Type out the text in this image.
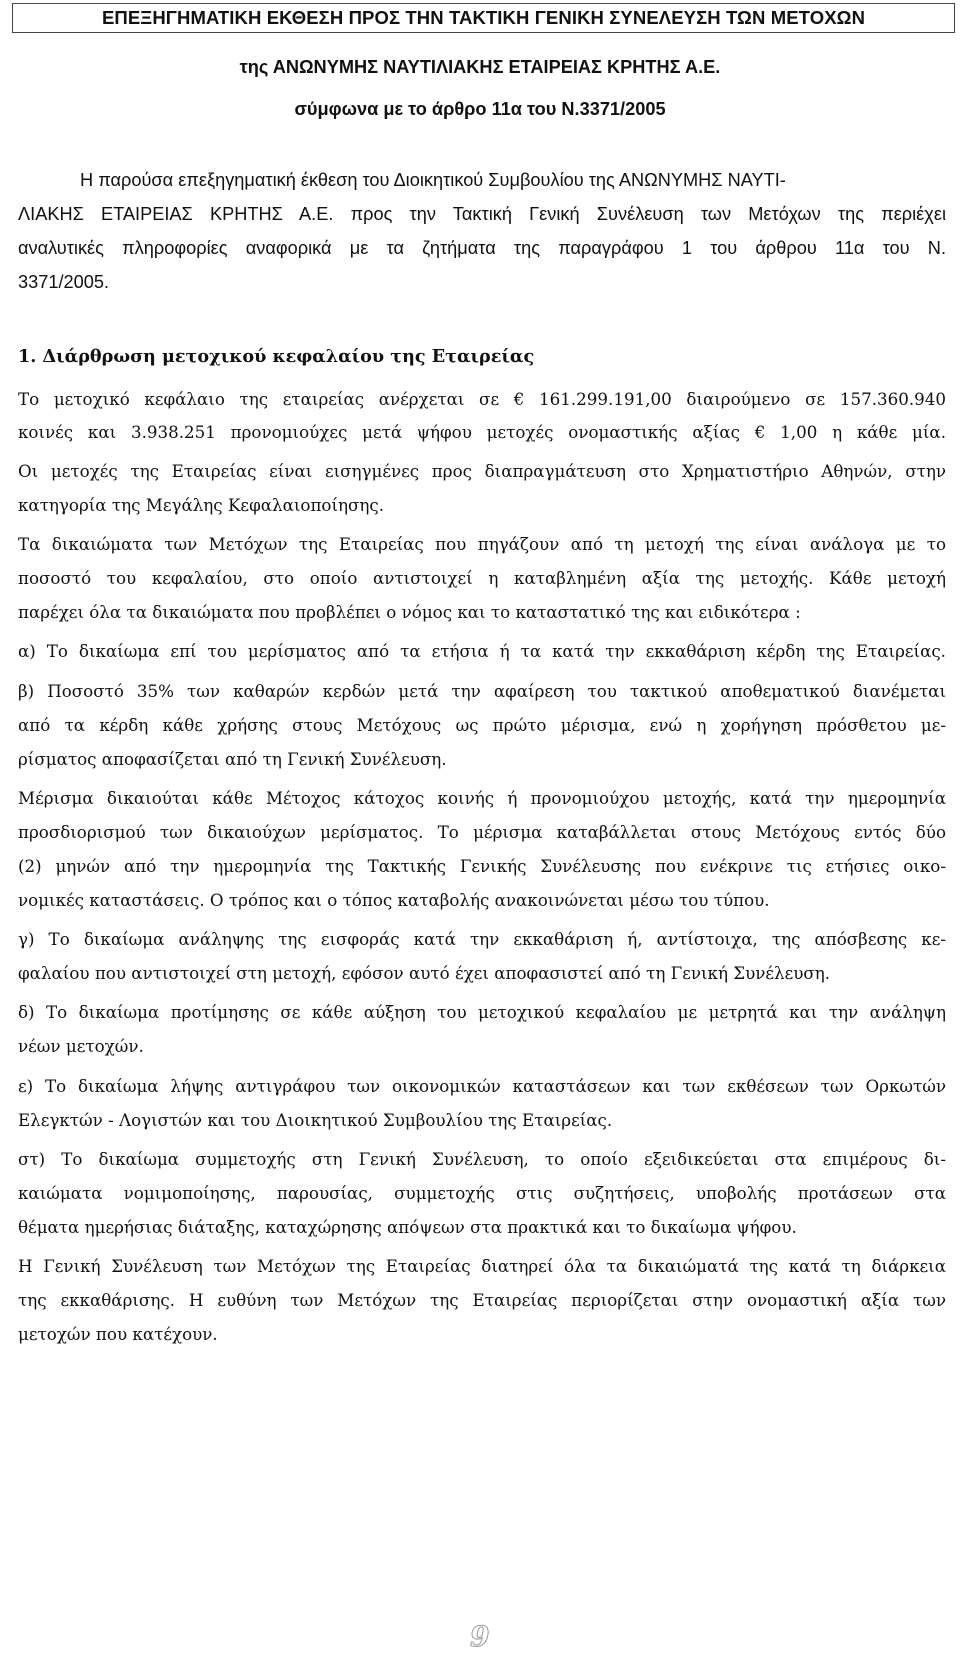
ΕΠΕΞΗΓΗΜΑΤΙΚΗ ΕΚΘΕΣΗ ΠΡΟΣ ΤΗΝ ΤΑΚΤΙΚΗ ΓΕΝΙΚΗ ΣΥΝΕΛΕΥΣΗ ΤΩΝ ΜΕΤΟΧΩΝ
της ΑΝΩΝΥΜΗΣ ΝΑΥΤΙΛΙΑΚΗΣ ΕΤΑΙΡΕΙΑΣ ΚΡΗΤΗΣ Α.Ε.
σύμφωνα με το άρθρο 11α του Ν.3371/2005
Η παρούσα επεξηγηματική έκθεση του Διοικητικού Συμβουλίου της ΑΝΩΝΥΜΗΣ ΝΑΥΤΙ-
ΛΙΑΚΗΣ ΕΤΑΙΡΕΙΑΣ ΚΡΗΤΗΣ Α.Ε. προς την Τακτική Γενική Συνέλευση των Μετόχων της περιέχει
αναλυτικές πληροφορίες αναφορικά με τα ζητήματα της παραγράφου 1 του άρθρου 11α του Ν.
3371/2005.
1. Διάρθρωση μετοχικού κεφαλαίου της Εταιρείας
Το μετοχικό κεφάλαιο της εταιρείας ανέρχεται σε € 161.299.191,00 διαιρούμενο σε 157.360.940
κοινές και 3.938.251 προνομιούχες μετά ψήφου μετοχές ονομαστικής αξίας € 1,00 η κάθε μία.
Οι μετοχές της Εταιρείας είναι εισηγμένες προς διαπραγμάτευση στο Χρηματιστήριο Αθηνών, στην
κατηγορία της Μεγάλης Κεφαλαιοποίησης.
Τα δικαιώματα των Μετόχων της Εταιρείας που πηγάζουν από τη μετοχή της είναι ανάλογα με το
ποσοστό του κεφαλαίου, στο οποίο αντιστοιχεί η καταβλημένη αξία της μετοχής. Κάθε μετοχή
παρέχει όλα τα δικαιώματα που προβλέπει ο νόμος και το καταστατικό της και ειδικότερα :
α) Το δικαίωμα επί του μερίσματος από τα ετήσια ή τα κατά την εκκαθάριση κέρδη της Εταιρείας.
β) Ποσοστό 35% των καθαρών κερδών μετά την αφαίρεση του τακτικού αποθεματικού διανέμεται
από τα κέρδη κάθε χρήσης στους Μετόχους ως πρώτο μέρισμα, ενώ η χορήγηση πρόσθετου με-
ρίσματος αποφασίζεται από τη Γενική Συνέλευση.
Μέρισμα δικαιούται κάθε Μέτοχος κάτοχος κοινής ή προνομιούχου μετοχής, κατά την ημερομηνία
προσδιορισμού των δικαιούχων μερίσματος. Το μέρισμα καταβάλλεται στους Μετόχους εντός δύο
(2) μηνών από την ημερομηνία της Τακτικής Γενικής Συνέλευσης που ενέκρινε τις ετήσιες οικο-
νομικές καταστάσεις. Ο τρόπος και ο τόπος καταβολής ανακοινώνεται μέσω του τύπου.
γ) Το δικαίωμα ανάληψης της εισφοράς κατά την εκκαθάριση ή, αντίστοιχα, της απόσβεσης κε-
φαλαίου που αντιστοιχεί στη μετοχή, εφόσον αυτό έχει αποφασιστεί από τη Γενική Συνέλευση.
δ) Το δικαίωμα προτίμησης σε κάθε αύξηση του μετοχικού κεφαλαίου με μετρητά και την ανάληψη
νέων μετοχών.
ε) Το δικαίωμα λήψης αντιγράφου των οικονομικών καταστάσεων και των εκθέσεων των Ορκωτών
Ελεγκτών - Λογιστών και του Διοικητικού Συμβουλίου της Εταιρείας.
στ) Το δικαίωμα συμμετοχής στη Γενική Συνέλευση, το οποίο εξειδικεύεται στα επιμέρους δι-
καιώματα νομιμοποίησης, παρουσίας, συμμετοχής στις συζητήσεις, υποβολής προτάσεων στα
θέματα ημερήσιας διάταξης, καταχώρησης απόψεων στα πρακτικά και το δικαίωμα ψήφου.
Η Γενική Συνέλευση των Μετόχων της Εταιρείας διατηρεί όλα τα δικαιώματά της κατά τη διάρκεια
της εκκαθάρισης. Η ευθύνη των Μετόχων της Εταιρείας περιορίζεται στην ονομαστική αξία των
μετοχών που κατέχουν.
9
